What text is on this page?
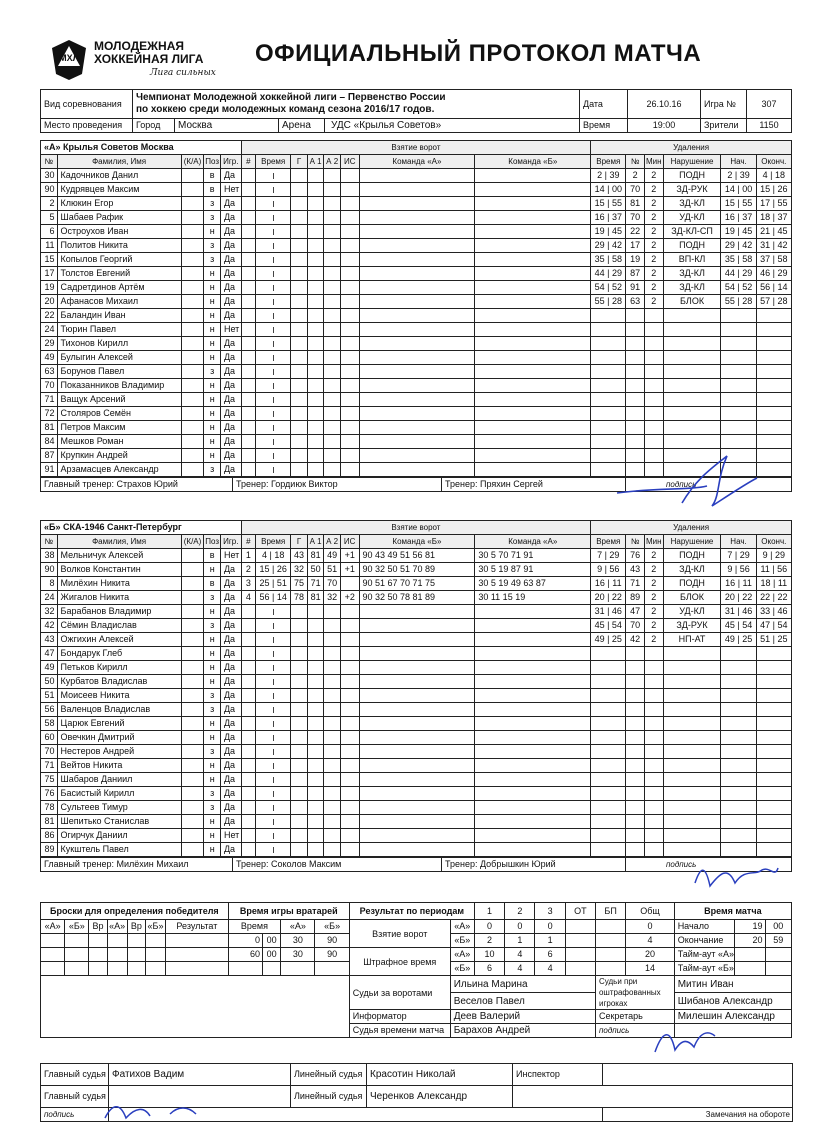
МХЛ
МОЛОДЕЖНАЯ
ХОККЕЙНАЯ ЛИГА
Лига сильных
ОФИЦИАЛЬНЫЙ ПРОТОКОЛ МАТЧА
Вид соревнования	Чемпионат Молодежной хоккейной лиги – Первенство России
по хоккею среди молодежных команд сезона 2016/17 годов.			Дата	26.10.16	Игра №	307
Место проведения	Город	Москва	Арена УДС «Крылья Советов»	Время	19:00	Зрители	1150
«А» Крылья Советов Москва					Взятие ворот								Удаления					
№	Фамилия, Имя	(К/А)	Поз	Игр.	#	Время	Г	А 1	А 2	ИС	Команда «А»	Команда «Б»	Время	№	Мин	Нарушение	Нач.	Оконч.
30	Кадочников Данил		в	Да									2 | 39	2	2	ПОДН	2 | 39	4 | 18
90	Кудрявцев Максим		в	Нет									14 | 00	70	2	ЗД-РУК	14 | 00	15 | 26
2	Клюкин Егор		з	Да									15 | 55	81	2	ЗД-КЛ	15 | 55	17 | 55
5	Шабаев Рафик		з	Да									16 | 37	70	2	УД-КЛ	16 | 37	18 | 37
6	Остроухов Иван		н	Да									19 | 45	22	2	ЗД-КЛ-СП	19 | 45	21 | 45
11	Политов Никита		з	Да									29 | 42	17	2	ПОДН	29 | 42	31 | 42
15	Копылов Георгий		з	Да									35 | 58	19	2	ВП-КЛ	35 | 58	37 | 58
17	Толстов Евгений		н	Да									44 | 29	87	2	ЗД-КЛ	44 | 29	46 | 29
19	Садретдинов Артём		н	Да									54 | 52	91	2	ЗД-КЛ	54 | 52	56 | 14
20	Афанасов Михаил		н	Да									55 | 28	63	2	БЛОК	55 | 28	57 | 28
22	Баландин Иван		н	Да														
24	Тюрин Павел		н	Нет														
29	Тихонов Кирилл		н	Да														
49	Булыгин Алексей		н	Да														
63	Борунов Павел		з	Да														
70	Показанников Владимир		н	Да														
71	Ващук Арсений		н	Да														
72	Столяров Семён		н	Да														
81	Петров Максим		н	Да														
84	Мешков Роман		н	Да														
87	Крупкин Андрей		н	Да														
91	Арзамасцев Александр		з	Да														
Главный тренер: Страхов Юрий	Тренер: Гордиюк Виктор	Тренер: Пряхин Сергей	подпись
«Б» СКА-1946 Санкт-Петербург					Взятие ворот								Удаления					
№	Фамилия, Имя	(К/А)	Поз	Игр.	#	Время	Г	А 1	А 2	ИС	Команда «Б»	Команда «А»	Время	№	Мин	Нарушение	Нач.	Оконч.
38	Мельничук Алексей		в	Нет	1	4 | 18	43	81	49	+1	90 43 49 51 56 81	30 5 70 71 91	7 | 29	76	2	ПОДН	7 | 29	9 | 29
90	Волков Константин		н	Да	2	15 | 26	32	50	51	+1	90 32 50 51 70 89	30 5 19 87 91	9 | 56	43	2	ЗД-КЛ	9 | 56	11 | 56
8	Милёхин Никита		в	Да	3	25 | 51	75	71	70		90 51 67 70 71 75	30 5 19 49 63 87	16 | 11	71	2	ПОДН	16 | 11	18 | 11
24	Жигалов Никита		з	Да	4	56 | 14	78	81	32	+2	90 32 50 78 81 89	30 11 15 19	20 | 22	89	2	БЛОК	20 | 22	22 | 22
32	Барабанов Владимир		н	Да									31 | 46	47	2	УД-КЛ	31 | 46	33 | 46
42	Сёмин Владислав		з	Да									45 | 54	70	2	ЗД-РУК	45 | 54	47 | 54
43	Ожгихин Алексей		н	Да									49 | 25	42	2	НП-АТ	49 | 25	51 | 25
47	Бондарук Глеб		н	Да														
49	Петьков Кирилл		н	Да														
50	Курбатов Владислав		н	Да														
51	Моисеев Никита		з	Да														
56	Валенцов Владислав		з	Да														
58	Царюк Евгений		н	Да														
60	Овечкин Дмитрий		н	Да														
70	Нестеров Андрей		з	Да														
71	Вейтов Никита		н	Да														
75	Шабаров Даниил		н	Да														
76	Басистый Кирилл		з	Да														
78	Сультеев Тимур		з	Да														
81	Шепитько Станислав		н	Да														
86	Огирчук Даниил		н	Нет														
89	Кукштель Павел		н	Да														
Главный тренер: Милёхин Михаил	Тренер: Соколов Максим	Тренер: Добрышкин Юрий	подпись
Броски для определения победителя							Время игры вратарей				Результат по периодам		1	2	3	ОТ	БП	Общ	Время матча		
«А»	«Б»	Вр	«А»	Вр	«Б»	Результат	Время		«А»	«Б»	Взятие ворот	«А»	0	0	0			0	Начало	19	00
							0	00	30	90		«Б»	2	1	1			4	Окончание	20	59
							60	00	30	90	Штрафное время	«А»	10	4	6			20	Тайм-аут «А»		
												«Б»	6	4	4			14	Тайм-аут «Б»		
											Судьи за воротами	Ильина Марина					Судьи при оштрафованных игроках		Митин Иван		
												Веселов Павел							Шибанов Александр		
											Информатор	Деев Валерий					Секретарь		Милешин Александр		
											Судья времени матча	Барахов Андрей					подпись				
Главный судья	Фатихов Вадим	Линейный судья	Красотин Николай	Инспектор	
Главный судья		Линейный судья	Черенков Александр		
подпись					Замечания на обороте
